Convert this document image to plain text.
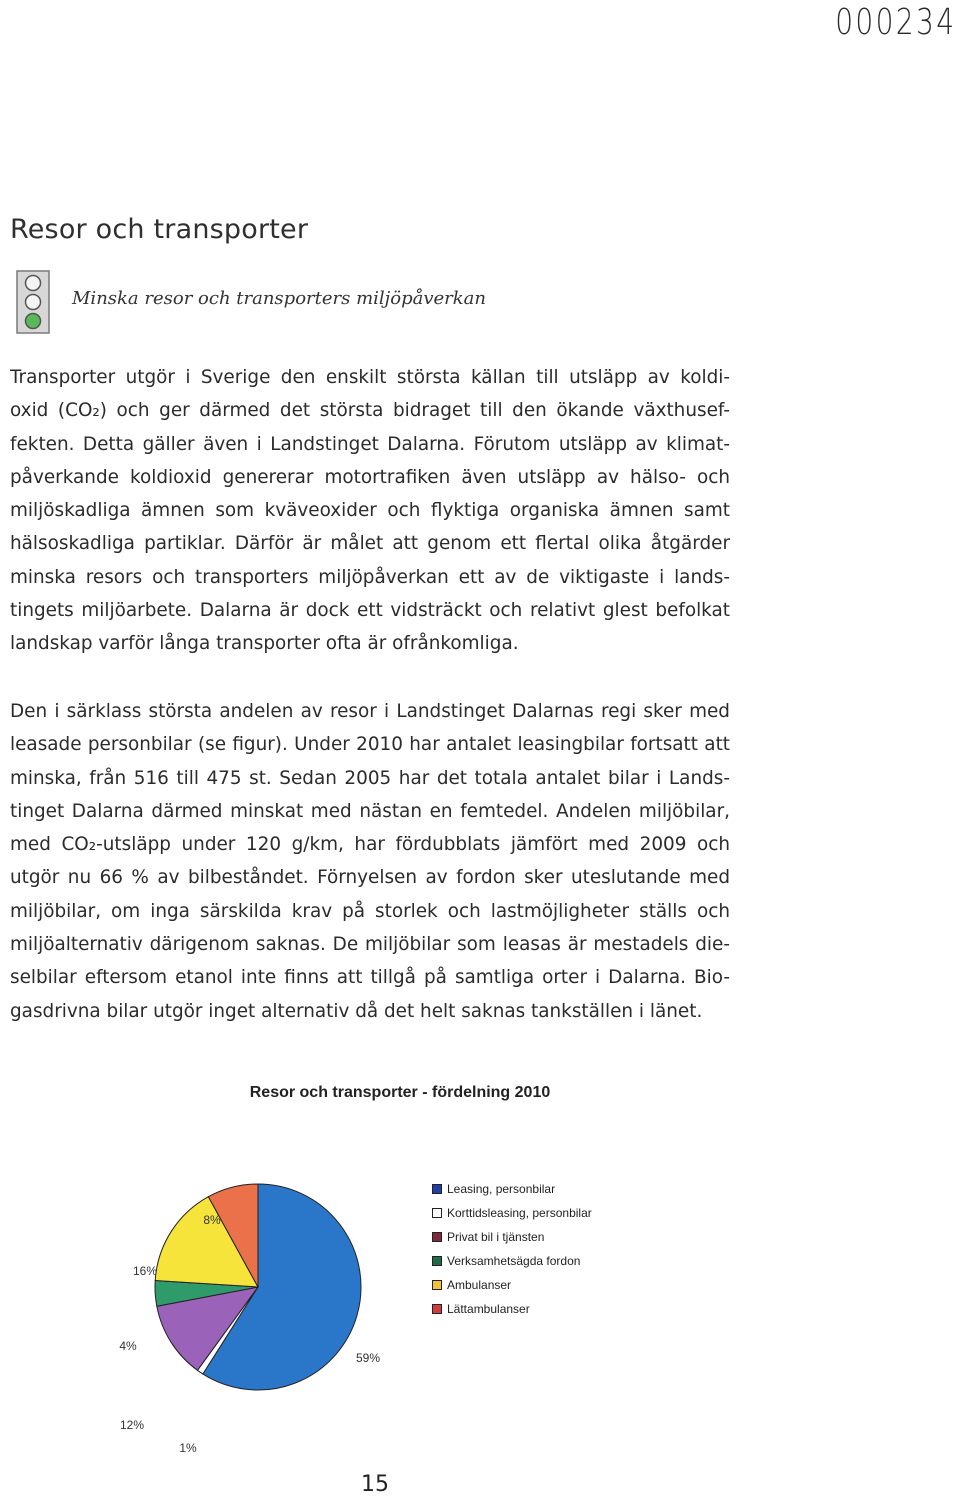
000234
Resor och transporter
Minska resor och transporters miljöpåverkan
Transporter utgör i Sverige den enskilt största källan till utsläpp av koldi-
oxid (CO₂) och ger därmed det största bidraget till den ökande växthusef-
fekten. Detta gäller även i Landstinget Dalarna. Förutom utsläpp av klimat-
påverkande koldioxid genererar motortrafiken även utsläpp av hälso- och
miljöskadliga ämnen som kväveoxider och flyktiga organiska ämnen samt
hälsoskadliga partiklar. Därför är målet att genom ett flertal olika åtgärder
minska resors och transporters miljöpåverkan ett av de viktigaste i lands-
tingets miljöarbete. Dalarna är dock ett vidsträckt och relativt glest befolkat
landskap varför långa transporter ofta är ofrånkomliga.
Den i särklass största andelen av resor i Landstinget Dalarnas regi sker med
leasade personbilar (se figur). Under 2010 har antalet leasingbilar fortsatt att
minska, från 516 till 475 st. Sedan 2005 har det totala antalet bilar i Lands-
tinget Dalarna därmed minskat med nästan en femtedel. Andelen miljöbilar,
med CO₂-utsläpp under 120 g/km, har fördubblats jämfört med 2009 och
utgör nu 66 % av bilbeståndet. Förnyelsen av fordon sker uteslutande med
miljöbilar, om inga särskilda krav på storlek och lastmöjligheter ställs och
miljöalternativ därigenom saknas. De miljöbilar som leasas är mestadels die-
selbilar eftersom etanol inte finns att tillgå på samtliga orter i Dalarna. Bio-
gasdrivna bilar utgör inget alternativ då det helt saknas tankställen i länet.
Resor och transporter - fördelning 2010
59%
1%
12%
4%
16%
8%
Leasing, personbilar
Korttidsleasing, personbilar
Privat bil i tjänsten
Verksamhetsägda fordon
Ambulanser
Lättambulanser
15
